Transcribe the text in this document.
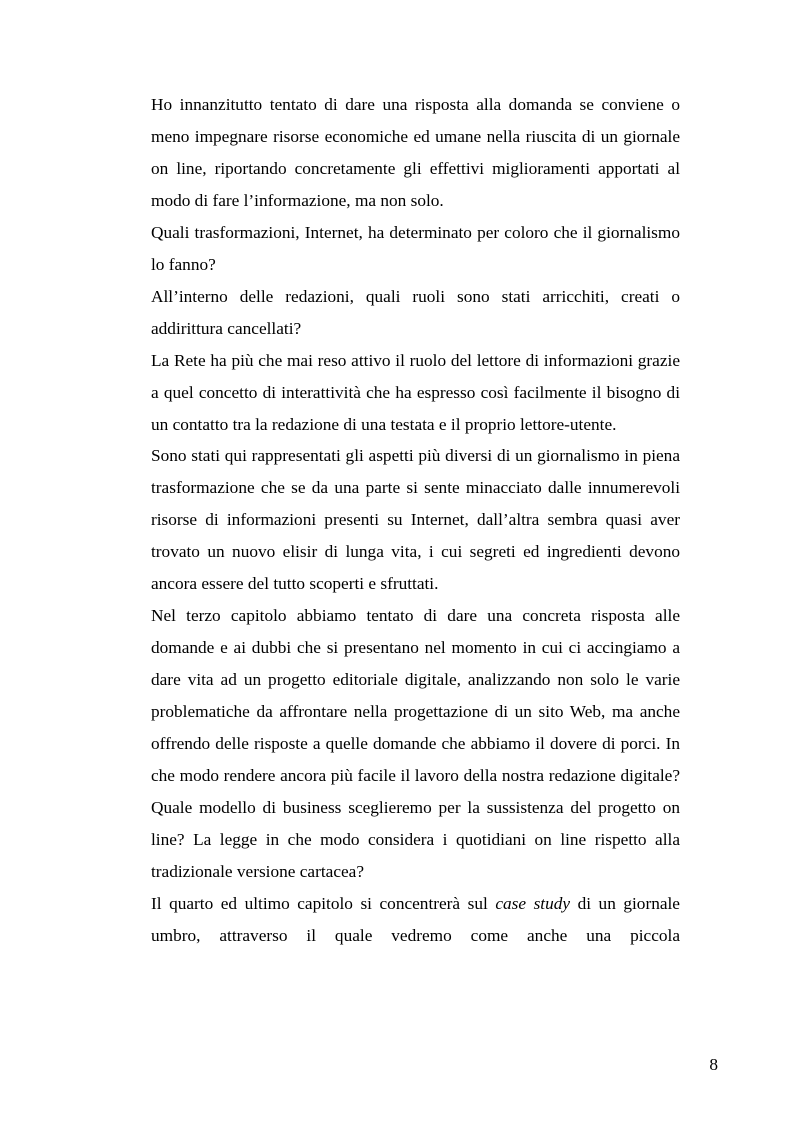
Ho innanzitutto tentato di dare una risposta alla domanda se conviene o meno impegnare risorse economiche ed umane nella riuscita di un giornale on line, riportando concretamente gli effettivi miglioramenti apportati al modo di fare l’informazione, ma non solo.

Quali trasformazioni, Internet, ha determinato per coloro che il giornalismo lo fanno?

All’interno delle redazioni, quali ruoli sono stati arricchiti, creati o addirittura cancellati?

La Rete ha più che mai reso attivo il ruolo del lettore di informazioni grazie a quel concetto di interattività che ha espresso così facilmente il bisogno di un contatto tra la redazione di una testata e il proprio lettore-utente.

Sono stati qui rappresentati gli aspetti più diversi di un giornalismo in piena trasformazione che se da una parte si sente minacciato dalle innumerevoli risorse di informazioni presenti su Internet, dall’altra sembra quasi aver trovato un nuovo elisir di lunga vita, i cui segreti ed ingredienti devono ancora essere del tutto scoperti e sfruttati.

Nel terzo capitolo abbiamo tentato di dare una concreta risposta alle domande e ai dubbi che si presentano nel momento in cui ci accingiamo a dare vita ad un progetto editoriale digitale, analizzando non solo le varie problematiche da affrontare nella progettazione di un sito Web, ma anche offrendo delle risposte a quelle domande che abbiamo il dovere di porci. In che modo rendere ancora più facile il lavoro della nostra redazione digitale? Quale modello di business sceglieremo per la sussistenza del progetto on line? La legge in che modo considera i quotidiani on line rispetto alla tradizionale versione cartacea?

Il quarto ed ultimo capitolo si concentrerà sul case study di un giornale umbro, attraverso il quale vedremo come anche una piccola

8
